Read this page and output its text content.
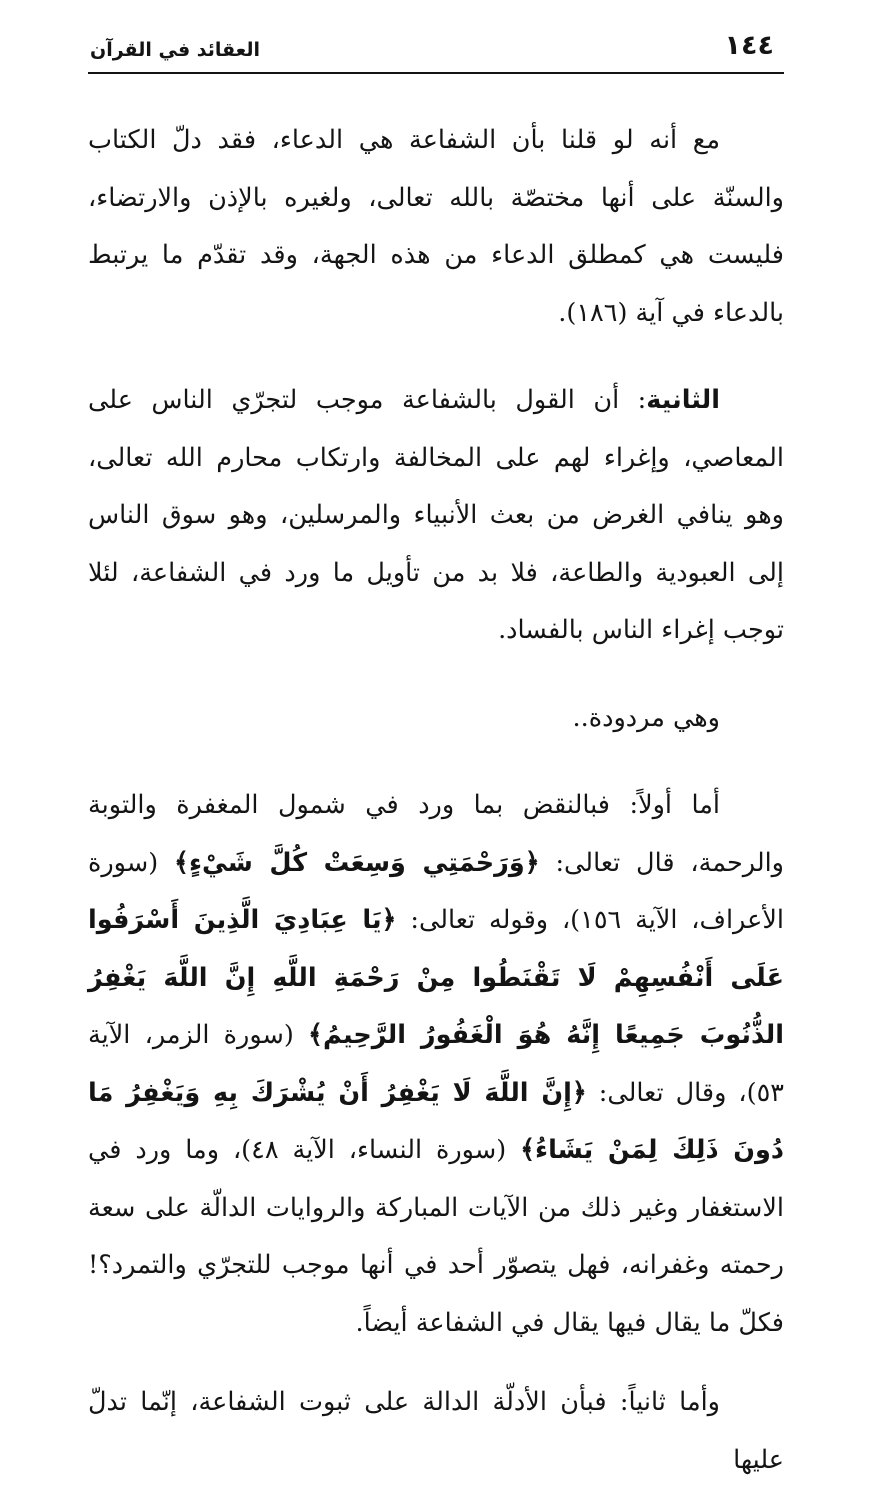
١٤٤
العقائد في القرآن

مع أنه لو قلنا بأن الشفاعة هي الدعاء، فقد دلّ الكتاب والسنّة على أنها مختصّة بالله تعالى، ولغيره بالإذن والارتضاء، فليست هي كمطلق الدعاء من هذه الجهة، وقد تقدّم ما يرتبط بالدعاء في آية (١٨٦).

الثانية: أن القول بالشفاعة موجب لتجرّي الناس على المعاصي، وإغراء لهم على المخالفة وارتكاب محارم الله تعالى، وهو ينافي الغرض من بعث الأنبياء والمرسلين، وهو سوق الناس إلى العبودية والطاعة، فلا بد من تأويل ما ورد في الشفاعة، لئلا توجب إغراء الناس بالفساد.

وهي مردودة..

أما أولاً: فبالنقض بما ورد في شمول المغفرة والتوبة والرحمة، قال تعالى: ﴿وَرَحْمَتِي وَسِعَتْ كُلَّ شَيْءٍ﴾ (سورة الأعراف، الآية ١٥٦)، وقوله تعالى: ﴿يَا عِبَادِيَ الَّذِينَ أَسْرَفُوا عَلَى أَنْفُسِهِمْ لَا تَقْنَطُوا مِنْ رَحْمَةِ اللَّهِ إِنَّ اللَّهَ يَغْفِرُ الذُّنُوبَ جَمِيعًا إِنَّهُ هُوَ الْغَفُورُ الرَّحِيمُ﴾ (سورة الزمر، الآية ٥٣)، وقال تعالى: ﴿إِنَّ اللَّهَ لَا يَغْفِرُ أَنْ يُشْرَكَ بِهِ وَيَغْفِرُ مَا دُونَ ذَلِكَ لِمَنْ يَشَاءُ﴾ (سورة النساء، الآية ٤٨)، وما ورد في الاستغفار وغير ذلك من الآيات المباركة والروايات الدالّة على سعة رحمته وغفرانه، فهل يتصوّر أحد في أنها موجب للتجرّي والتمرد؟! فكلّ ما يقال فيها يقال في الشفاعة أيضاً.

وأما ثانياً: فبأن الأدلّة الدالة على ثبوت الشفاعة، إنّما تدلّ عليها
